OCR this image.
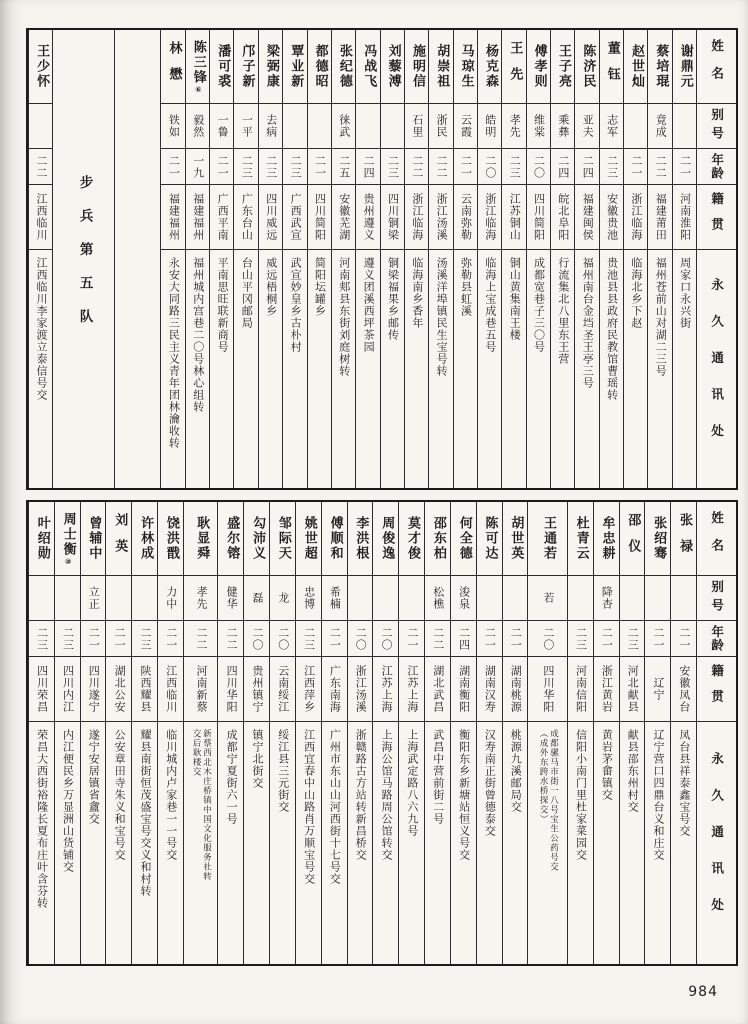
姓名
别号
年龄
籍贯
永久通讯处
谢鼎元
二一
河南淮阳
周家口永兴街
蔡培琨
竟成
二二
福建莆田
福州苍前山对湖二三号
赵世灿
二一
浙江临海
临海北乡下赵
董钰
志军
二三
安徽贵池
贵池县县政府民教馆曹瑶转
陈济民
亚夫
二四
福建闽侯
福州南台金垱圣王亭三号
王子亮
乘彝
二四
皖北阜阳
行流集北八里东王营
傅孝则
维棠
二〇
四川简阳
成都宽巷子三〇号
王先
孝先
二三
江苏铜山
铜山黄集南王楼
杨克森
皓明
二〇
浙江临海
临海上宝成巷五号
马琼生
云霞
二一
云南弥勒
弥勒县虹溪
胡崇祖
浙民
二二
浙江汤溪
汤溪洋埠镇民生宝号转
施明信
石里
二二
浙江临海
临海南乡香年
刘藜溥
二三
四川铜梁
铜梁福果乡邮传
冯战飞
二四
贵州遵义
遵义团溪西坪茶园
张纪德
徕武
二五
安徽芜湖
河南郏县东街刘庭树转
都德昭
二一
四川简阳
简阳坛罐乡
覃业新
二三
广西武宣
武宣妙皇乡古朴村
梁弼康
去病
二三
四川威远
威远梧桐乡
邝子新
一平
二三
广东台山
台山平冈邮局
潘可裘
一鲁
二一
广西平南
平南思旺联新商号
陈三锋⑥
毅然
一九
福建福州
福州城内宫巷二〇号林心组转
林懋
铁如
二一
福建福州
永安大同路三民主义青年团林瀹收转
步兵第五队
王少怀
二二
江西临川
江西临川李家渡立泰信号交
姓名
别号
年龄
籍贯
永久通讯处
张禄
二一
安徽凤台
凤台县祥泰鑫宝号交
张绍骞
二一
辽宁
辽宁营口四鼎台义和庄交
邵仪
二三
河北献县
献县邵东州村交
牟忠耕
降杏
二一
浙江黄岩
黄岩茅畲镇交
杜青云
二三
河南信阳
信阳小南门里杜家菜园交
王通若
若
二〇
四川华阳
成都骡马市街一八号宝生公药号交
（成外东跨水桥探交）
胡世英
二一
湖南桃源
桃源九溪邮局交
陈可达
二一
湖南汉寿
汉寿南正街曾德泰交
何全德
浚泉
二四
湖南衡阳
衡阳东乡新塘站恒义号交
邵东柏
松樵
二二
湖北武昌
武昌中营前街二号
莫才俊
二一
江苏上海
上海武定路八六九号
周俊逸
二〇
江苏上海
上海公馆马路周公馆转交
李洪根
二〇
浙江汤溪
浙赣路古方站转新昌桥交
傅顺和
希楠
二一
广东南海
广州市东山山河西街十七号交
姚世超
忠博
二三
江西萍乡
江西宜春中山路肖万顺宝号交
邹际天
龙
二〇
云南绥江
绥江县三元街交
勾沛义
磊
二〇
贵州镇宁
镇宁北街交
盛尔镕
健华
二二
四川华阳
成都宁夏街六一号
耿显舜
孝先
二二
河南新蔡
新蔡西北木庄桥镇中国文化服务社转
交后耿楼交
饶洪戬
力中
二一
江西临川
临川城内卢家巷一一号交
许林成
二三
陕西耀县
耀县南街恒茂盛宝号交义和村转
刘英
二一
湖北公安
公安章田寺朱义和宝号交
曾辅中
立正
二一
四川遂宁
遂宁安居镇省盦交
周士衡⑩
二三
四川内江
内江便民乡万显洲山货铺交
叶绍勋
二三
四川荣昌
荣昌大西街裕隆长夏布庄叶含芬转
984
